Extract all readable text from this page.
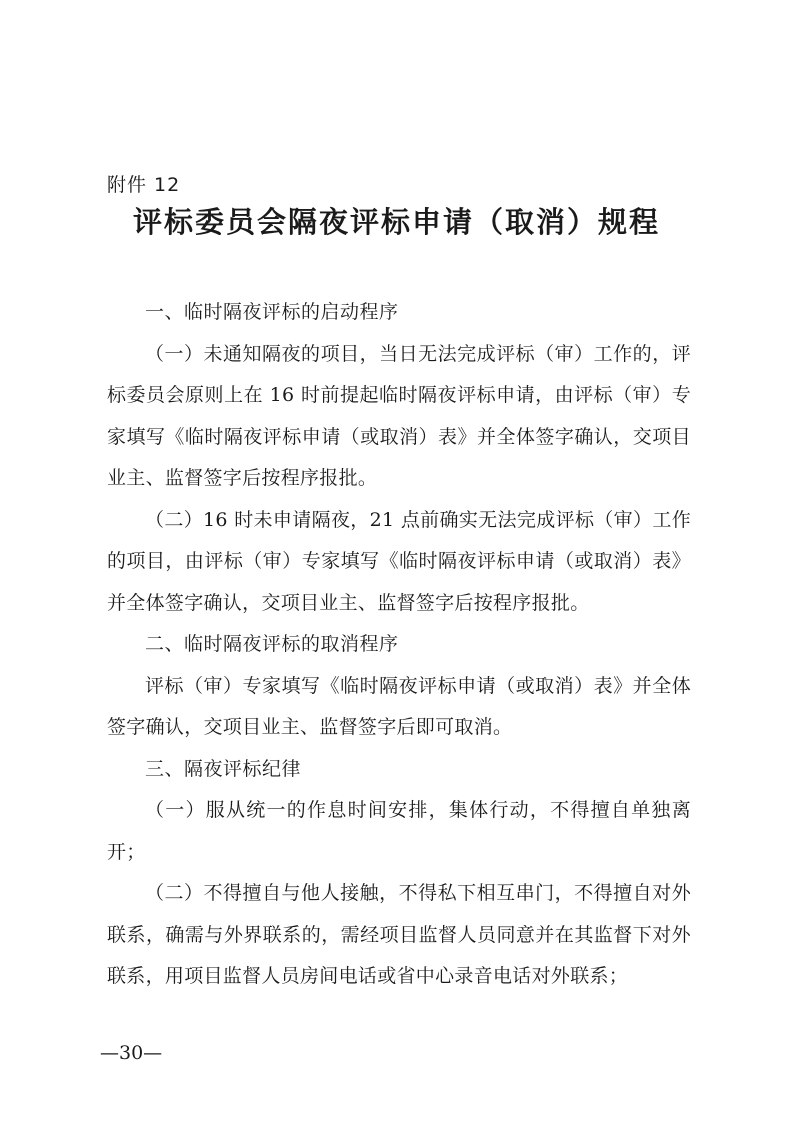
附件 12
评标委员会隔夜评标申请（取消）规程

一、临时隔夜评标的启动程序

（一）未通知隔夜的项目，当日无法完成评标（审）工作的，评标委员会原则上在 16 时前提起临时隔夜评标申请，由评标（审）专家填写《临时隔夜评标申请（或取消）表》并全体签字确认，交项目业主、监督签字后按程序报批。

（二）16 时未申请隔夜，21 点前确实无法完成评标（审）工作的项目，由评标（审）专家填写《临时隔夜评标申请（或取消）表》并全体签字确认，交项目业主、监督签字后按程序报批。

二、临时隔夜评标的取消程序

评标（审）专家填写《临时隔夜评标申请（或取消）表》并全体签字确认，交项目业主、监督签字后即可取消。

三、隔夜评标纪律

（一）服从统一的作息时间安排，集体行动，不得擅自单独离开；

（二）不得擅自与他人接触，不得私下相互串门，不得擅自对外联系，确需与外界联系的，需经项目监督人员同意并在其监督下对外联系，用项目监督人员房间电话或省中心录音电话对外联系；

—30—
